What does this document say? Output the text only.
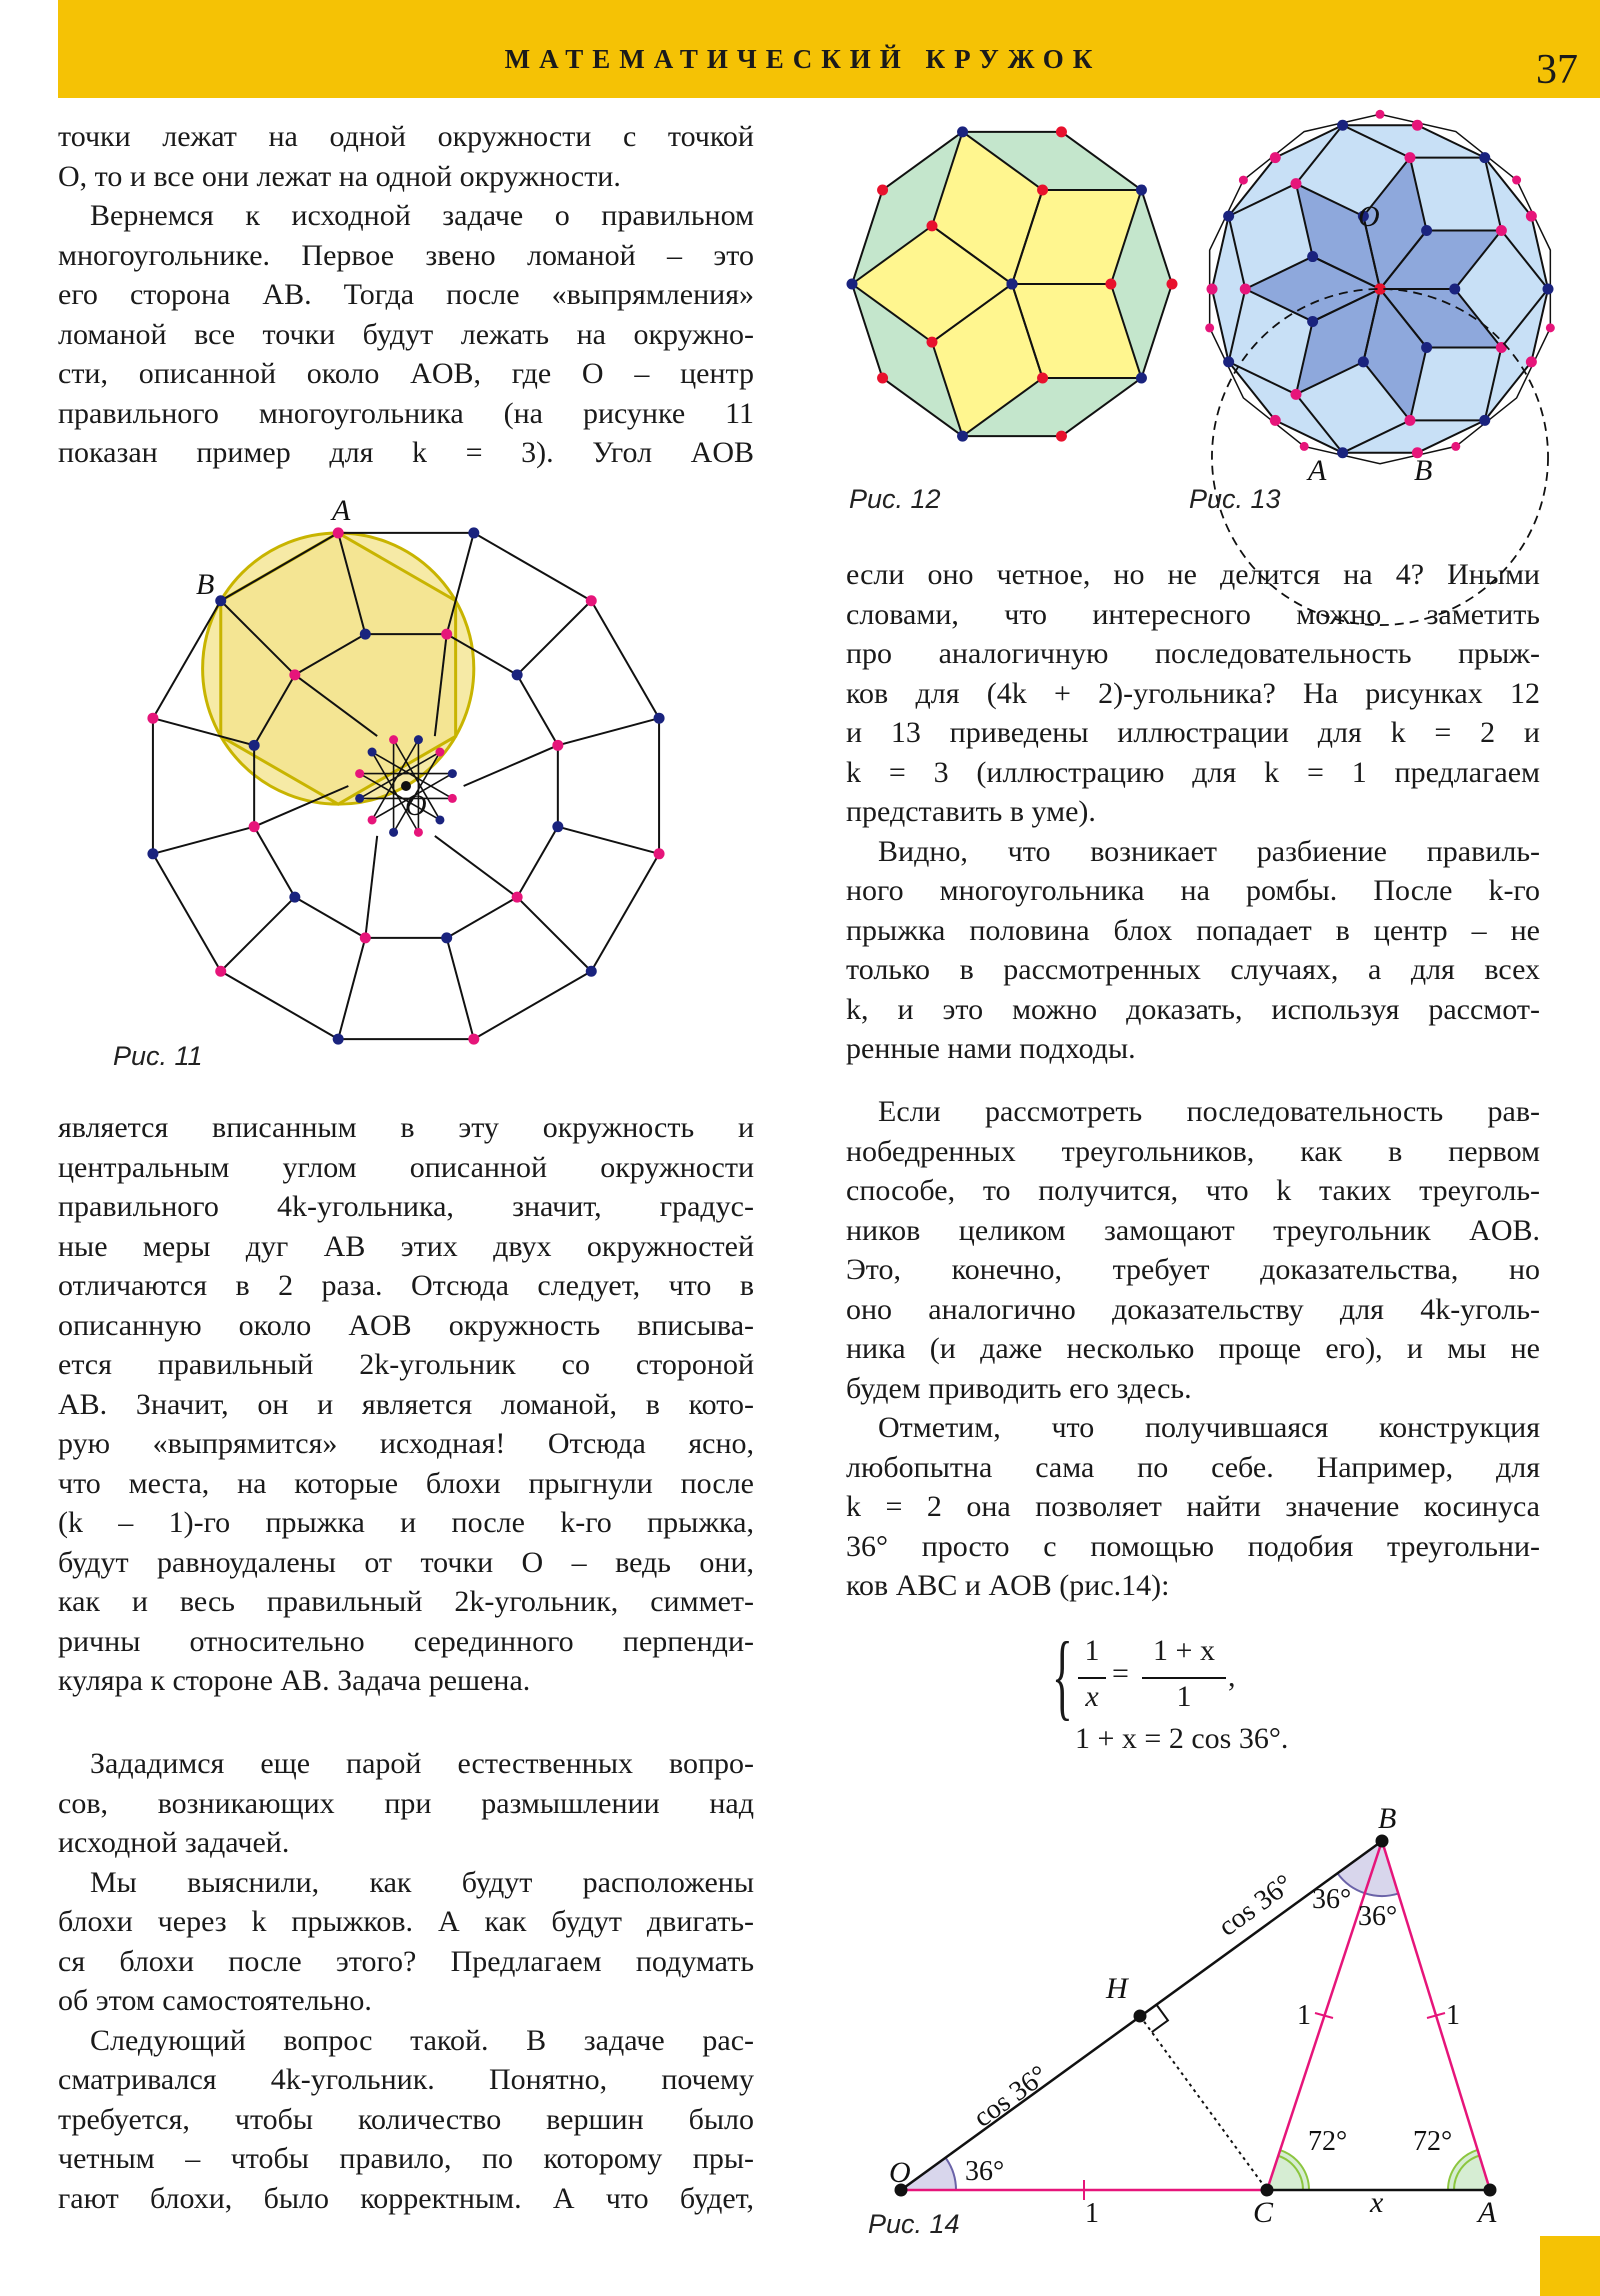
МАТЕМАТИЧЕСКИЙ КРУЖОК	37
точки лежат на одной окружности с точкой
O, то и все они лежат на одной окружности.
Вернемся к исходной задаче о правильном
многоугольнике. Первое звено ломаной – это
его сторона AB. Тогда после «выпрямления»
ломаной все точки будут лежать на окружно-
сти, описанной около AOB, где O – центр
правильного многоугольника (на рисунке 11
показан пример для k = 3). Угол AOB
является вписанным в эту окружность и
центральным углом описанной окружности
правильного 4k-угольника, значит, градус-
ные меры дуг AB этих двух окружностей
отличаются в 2 раза. Отсюда следует, что в
описанную около AOB окружность вписыва-
ется правильный 2k-угольник со стороной
AB. Значит, он и является ломаной, в кото-
рую «выпрямится» исходная! Отсюда ясно,
что места, на которые блохи прыгнули после
(k – 1)-го прыжка и после k-го прыжка,
будут равноудалены от точки O – ведь они,
как и весь правильный 2k-угольник, симмет-
ричны относительно серединного перпенди-
куляра к стороне AB. Задача решена.
Зададимся еще парой естественных вопро-
сов, возникающих при размышлении над
исходной задачей.
Мы выяснили, как будут расположены
блохи через k прыжков. А как будут двигать-
ся блохи после этого? Предлагаем подумать
об этом самостоятельно.
Следующий вопрос такой. В задаче рас-
сматривался 4k-угольник. Понятно, почему
требуется, чтобы количество вершин было
четным – чтобы правило, по которому пры-
гают блохи, было корректным. А что будет,
если оно четное, но не делится на 4? Иными
словами, что интересного можно заметить
про аналогичную последовательность прыж-
ков для (4k + 2)-угольника? На рисунках 12
и 13 приведены иллюстрации для k = 2 и
k = 3 (иллюстрацию для k = 1 предлагаем
представить в уме).
Видно, что возникает разбиение правиль-
ного многоугольника на ромбы. После k-го
прыжка половина блох попадает в центр – не
только в рассмотренных случаях, а для всех
k, и это можно доказать, используя рассмот-
ренные нами подходы.
Если рассмотреть последовательность рав-
нобедренных треугольников, как в первом
способе, то получится, что k таких треуголь-
ников целиком замощают треугольник AOB.
Это, конечно, требует доказательства, но
оно аналогично доказательству для 4k-уголь-
ника (и даже несколько проще его), и мы не
будем приводить его здесь.
Отметим, что получившаяся конструкция
любопытна сама по себе. Например, для
k = 2 она позволяет найти значение косинуса
36° просто с помощью подобия треугольни-
ков ABC и AOB (рис.14):
{ 1
x
=
1 + x
1
,
1 + x = 2 cos 36°.
A
B
O
O
A	B
B
H
O
C	A
x
1
1	1
36°
36°
36°
72° 72°
cos 36°
cos 36°
Рис. 11
Рис. 12	Рис. 13
Рис. 14
